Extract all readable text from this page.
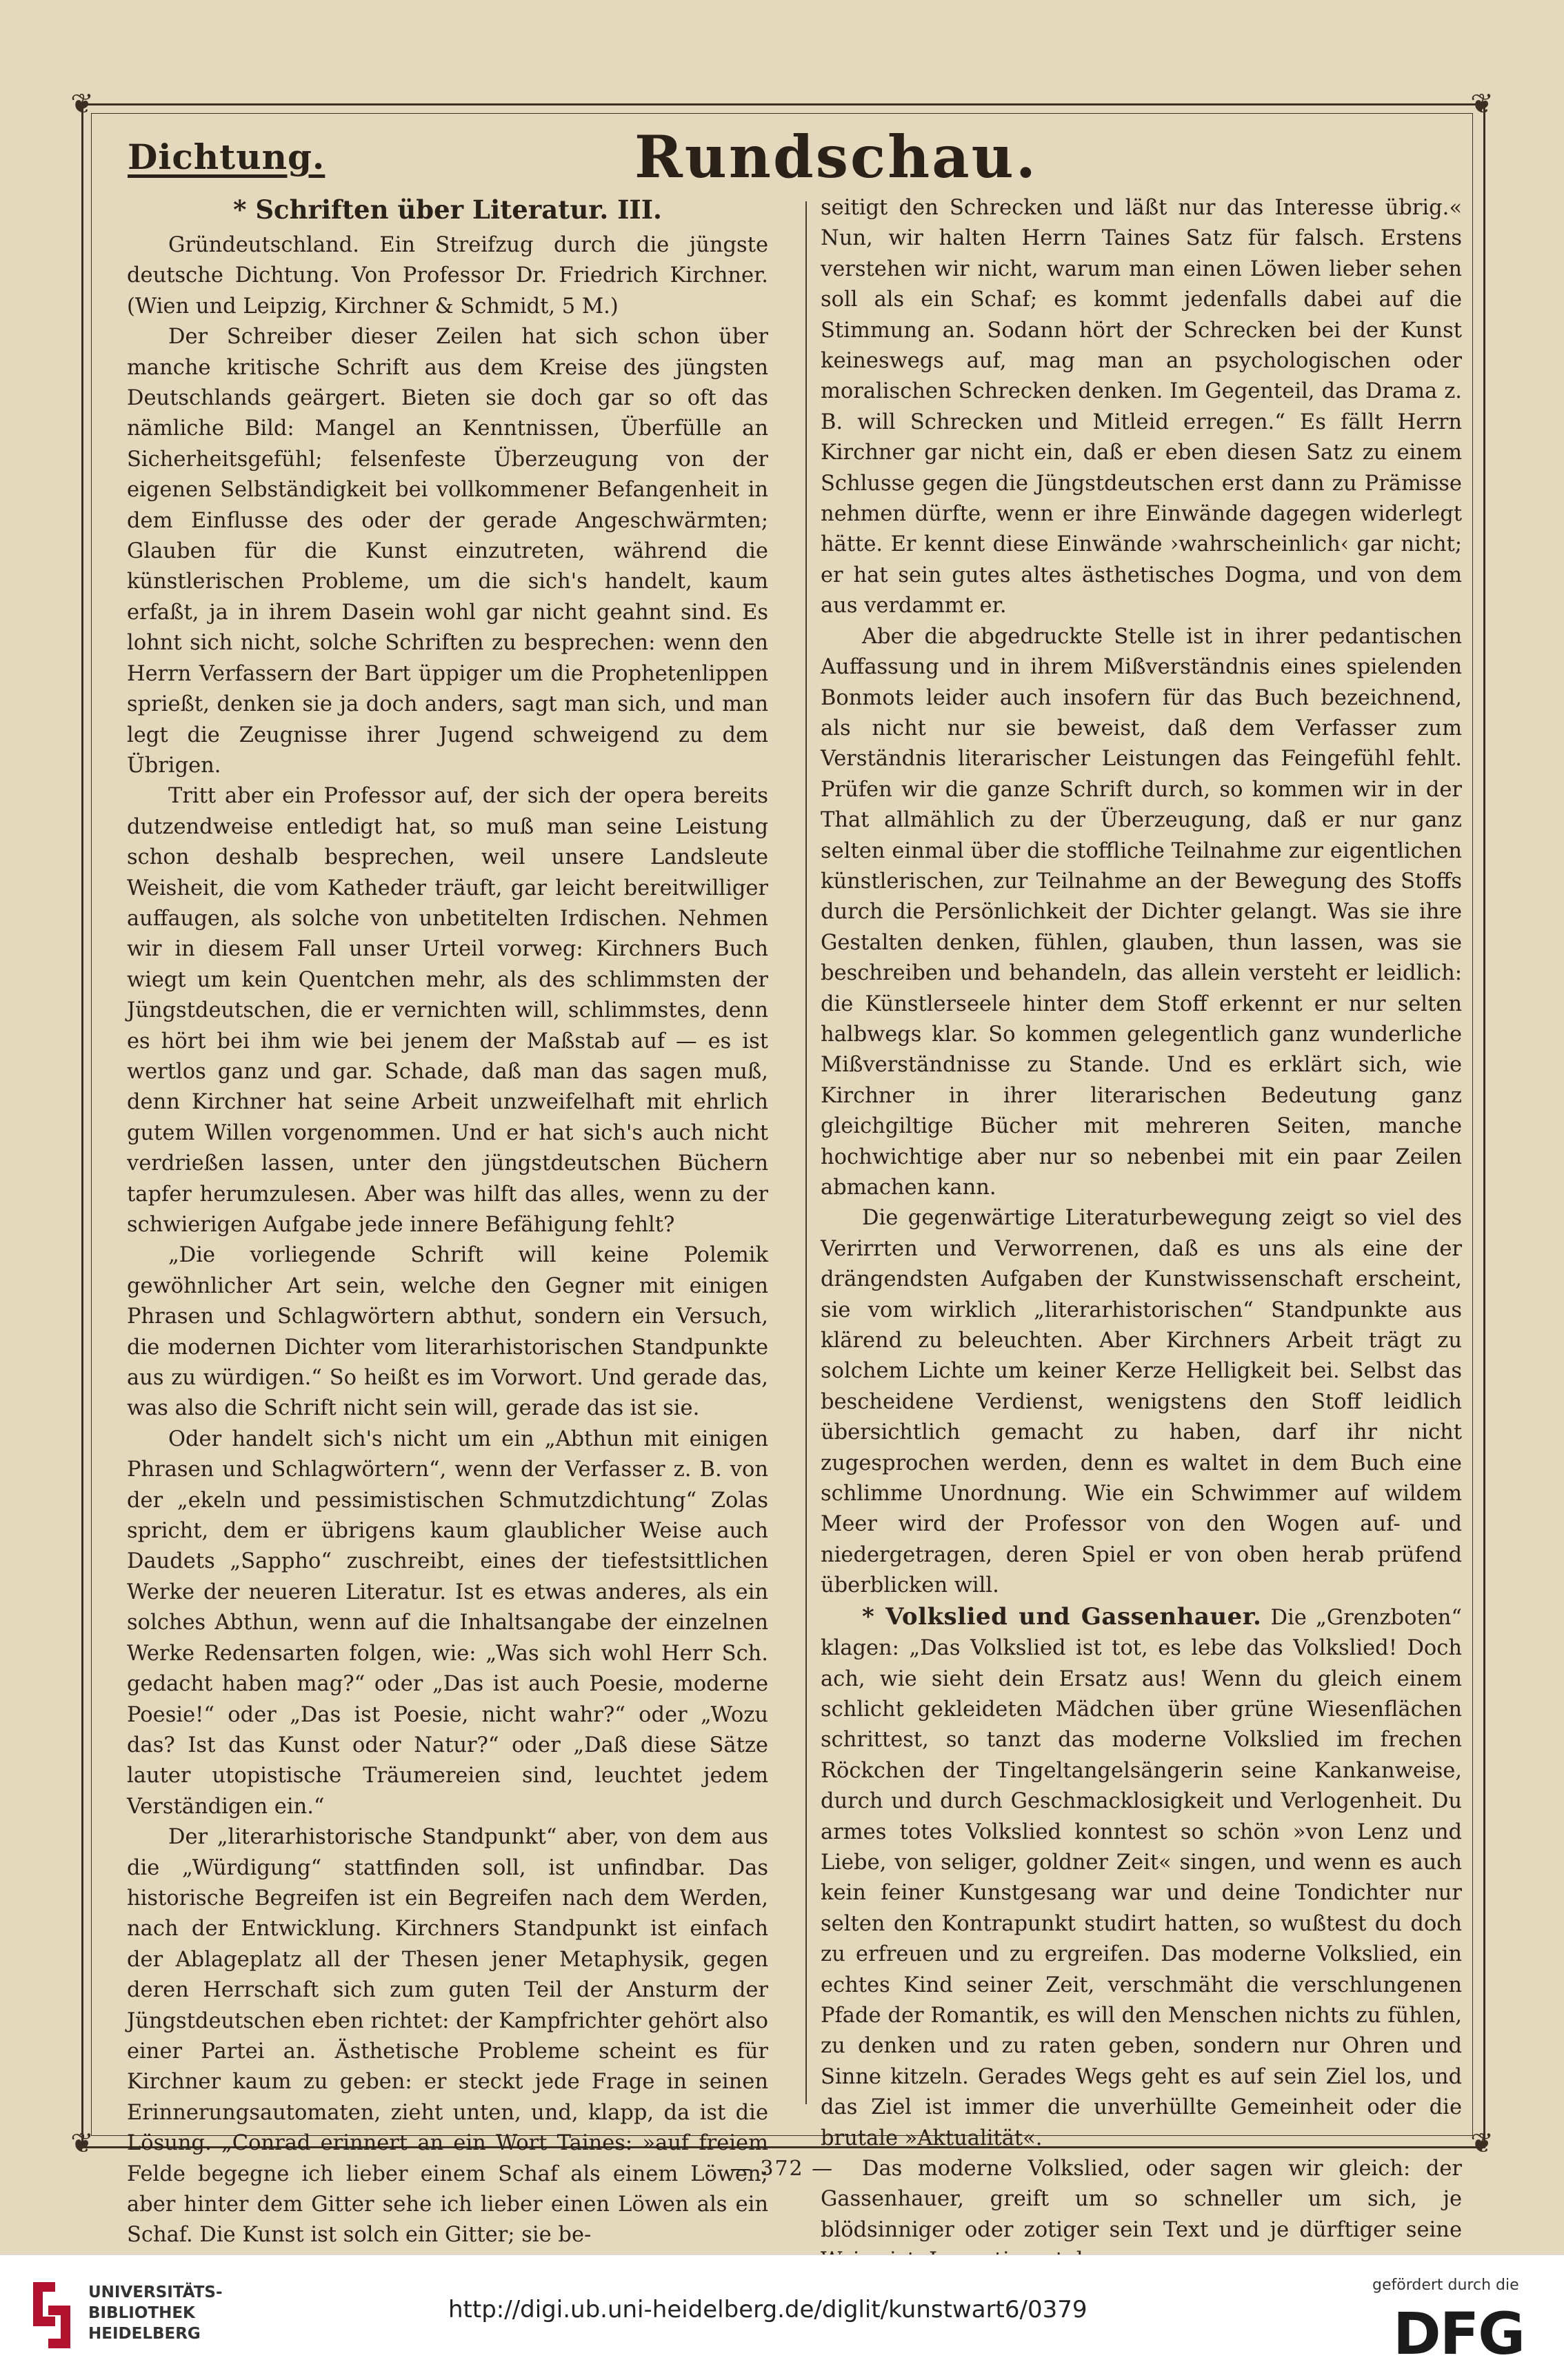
❦	❦
❦	❦
Dichtung.	Rundschau.
* Schriften über Literatur. III.

Gründeutschland. Ein Streifzug durch die jüngste deutsche Dichtung. Von Professor Dr. Friedrich Kirchner. (Wien und Leipzig, Kirchner & Schmidt, 5 M.)

Der Schreiber dieser Zeilen hat sich schon über manche kritische Schrift aus dem Kreise des jüngsten Deutschlands geärgert. Bieten sie doch gar so oft das nämliche Bild: Mangel an Kenntnissen, Überfülle an Sicherheitsgefühl; felsenfeste Überzeugung von der eigenen Selbständigkeit bei vollkommener Befangenheit in dem Einflusse des oder der gerade Angeschwärmten; Glauben für die Kunst einzutreten, während die künstlerischen Probleme, um die sich's handelt, kaum erfaßt, ja in ihrem Dasein wohl gar nicht geahnt sind. Es lohnt sich nicht, solche Schriften zu besprechen: wenn den Herrn Verfassern der Bart üppiger um die Prophetenlippen sprießt, denken sie ja doch anders, sagt man sich, und man legt die Zeugnisse ihrer Jugend schweigend zu dem Übrigen.

Tritt aber ein Professor auf, der sich der opera bereits dutzendweise entledigt hat, so muß man seine Leistung schon deshalb besprechen, weil unsere Landsleute Weisheit, die vom Katheder träuft, gar leicht bereitwilliger auffaugen, als solche von unbetitelten Irdischen. Nehmen wir in diesem Fall unser Urteil vorweg: Kirchners Buch wiegt um kein Quentchen mehr, als des schlimmsten der Jüngstdeutschen, die er vernichten will, schlimmstes, denn es hört bei ihm wie bei jenem der Maßstab auf — es ist wertlos ganz und gar. Schade, daß man das sagen muß, denn Kirchner hat seine Arbeit unzweifelhaft mit ehrlich gutem Willen vorgenommen. Und er hat sich's auch nicht verdrießen lassen, unter den jüngstdeutschen Büchern tapfer herumzulesen. Aber was hilft das alles, wenn zu der schwierigen Aufgabe jede innere Befähigung fehlt?

„Die vorliegende Schrift will keine Polemik gewöhnlicher Art sein, welche den Gegner mit einigen Phrasen und Schlagwörtern abthut, sondern ein Versuch, die modernen Dichter vom literarhistorischen Standpunkte aus zu würdigen.“ So heißt es im Vorwort. Und gerade das, was also die Schrift nicht sein will, gerade das ist sie.

Oder handelt sich's nicht um ein „Abthun mit einigen Phrasen und Schlagwörtern“, wenn der Verfasser z. B. von der „ekeln und pessimistischen Schmutzdichtung“ Zolas spricht, dem er übrigens kaum glaublicher Weise auch Daudets „Sappho“ zuschreibt, eines der tiefestsittlichen Werke der neueren Literatur. Ist es etwas anderes, als ein solches Abthun, wenn auf die Inhaltsangabe der einzelnen Werke Redensarten folgen, wie: „Was sich wohl Herr Sch. gedacht haben mag?“ oder „Das ist auch Poesie, moderne Poesie!“ oder „Das ist Poesie, nicht wahr?“ oder „Wozu das? Ist das Kunst oder Natur?“ oder „Daß diese Sätze lauter utopistische Träumereien sind, leuchtet jedem Verständigen ein.“

Der „literarhistorische Standpunkt“ aber, von dem aus die „Würdigung“ stattfinden soll, ist unfindbar. Das historische Begreifen ist ein Begreifen nach dem Werden, nach der Entwicklung. Kirchners Standpunkt ist einfach der Ablageplatz all der Thesen jener Metaphysik, gegen deren Herrschaft sich zum guten Teil der Ansturm der Jüngstdeutschen eben richtet: der Kampfrichter gehört also einer Partei an. Ästhetische Probleme scheint es für Kirchner kaum zu geben: er steckt jede Frage in seinen Erinnerungsautomaten, zieht unten, und, klapp, da ist die Lösung. „Conrad erinnert an ein Wort Taines: »auf freiem Felde begegne ich lieber einem Schaf als einem Löwen; aber hinter dem Gitter sehe ich lieber einen Löwen als ein Schaf. Die Kunst ist solch ein Gitter; sie be-

seitigt den Schrecken und läßt nur das Interesse übrig.« Nun, wir halten Herrn Taines Satz für falsch. Erstens verstehen wir nicht, warum man einen Löwen lieber sehen soll als ein Schaf; es kommt jedenfalls dabei auf die Stimmung an. Sodann hört der Schrecken bei der Kunst keineswegs auf, mag man an psychologischen oder moralischen Schrecken denken. Im Gegenteil, das Drama z. B. will Schrecken und Mitleid erregen.“ Es fällt Herrn Kirchner gar nicht ein, daß er eben diesen Satz zu einem Schlusse gegen die Jüngstdeutschen erst dann zu Prämisse nehmen dürfte, wenn er ihre Einwände dagegen widerlegt hätte. Er kennt diese Einwände ›wahrscheinlich‹ gar nicht; er hat sein gutes altes ästhetisches Dogma, und von dem aus verdammt er.

Aber die abgedruckte Stelle ist in ihrer pedantischen Auffassung und in ihrem Mißverständnis eines spielenden Bonmots leider auch insofern für das Buch bezeichnend, als nicht nur sie beweist, daß dem Verfasser zum Verständnis literarischer Leistungen das Feingefühl fehlt. Prüfen wir die ganze Schrift durch, so kommen wir in der That allmählich zu der Überzeugung, daß er nur ganz selten einmal über die stoffliche Teilnahme zur eigentlichen künstlerischen, zur Teilnahme an der Bewegung des Stoffs durch die Persönlichkeit der Dichter gelangt. Was sie ihre Gestalten denken, fühlen, glauben, thun lassen, was sie beschreiben und behandeln, das allein versteht er leidlich: die Künstlerseele hinter dem Stoff erkennt er nur selten halbwegs klar. So kommen gelegentlich ganz wunderliche Mißverständnisse zu Stande. Und es erklärt sich, wie Kirchner in ihrer literarischen Bedeutung ganz gleichgiltige Bücher mit mehreren Seiten, manche hochwichtige aber nur so nebenbei mit ein paar Zeilen abmachen kann.

Die gegenwärtige Literaturbewegung zeigt so viel des Verirrten und Verworrenen, daß es uns als eine der drängendsten Aufgaben der Kunstwissenschaft erscheint, sie vom wirklich „literarhistorischen“ Standpunkte aus klärend zu beleuchten. Aber Kirchners Arbeit trägt zu solchem Lichte um keiner Kerze Helligkeit bei. Selbst das bescheidene Verdienst, wenigstens den Stoff leidlich übersichtlich gemacht zu haben, darf ihr nicht zugesprochen werden, denn es waltet in dem Buch eine schlimme Unordnung. Wie ein Schwimmer auf wildem Meer wird der Professor von den Wogen auf- und niedergetragen, deren Spiel er von oben herab prüfend überblicken will.

* Volkslied und Gassenhauer. Die „Grenzboten“ klagen: „Das Volkslied ist tot, es lebe das Volkslied! Doch ach, wie sieht dein Ersatz aus! Wenn du gleich einem schlicht gekleideten Mädchen über grüne Wiesenflächen schrittest, so tanzt das moderne Volkslied im frechen Röckchen der Tingeltangelsängerin seine Kankanweise, durch und durch Geschmacklosigkeit und Verlogenheit. Du armes totes Volkslied konntest so schön »von Lenz und Liebe, von seliger, goldner Zeit« singen, und wenn es auch kein feiner Kunstgesang war und deine Tondichter nur selten den Kontrapunkt studirt hatten, so wußtest du doch zu erfreuen und zu ergreifen. Das moderne Volkslied, ein echtes Kind seiner Zeit, verschmäht die verschlungenen Pfade der Romantik, es will den Menschen nichts zu fühlen, zu denken und zu raten geben, sondern nur Ohren und Sinne kitzeln. Gerades Wegs geht es auf sein Ziel los, und das Ziel ist immer die unverhüllte Gemeinheit oder die brutale »Aktualität«.

Das moderne Volkslied, oder sagen wir gleich: der Gassenhauer, greift um so schneller um sich, je blödsinniger oder zotiger sein Text und je dürftiger seine

— 372 —
UNIVERSITÄTS-
BIBLIOTHEK
HEIDELBERG
http://digi.ub.uni-heidelberg.de/diglit/kunstwart6/0379
gefördert durch die
DFG
